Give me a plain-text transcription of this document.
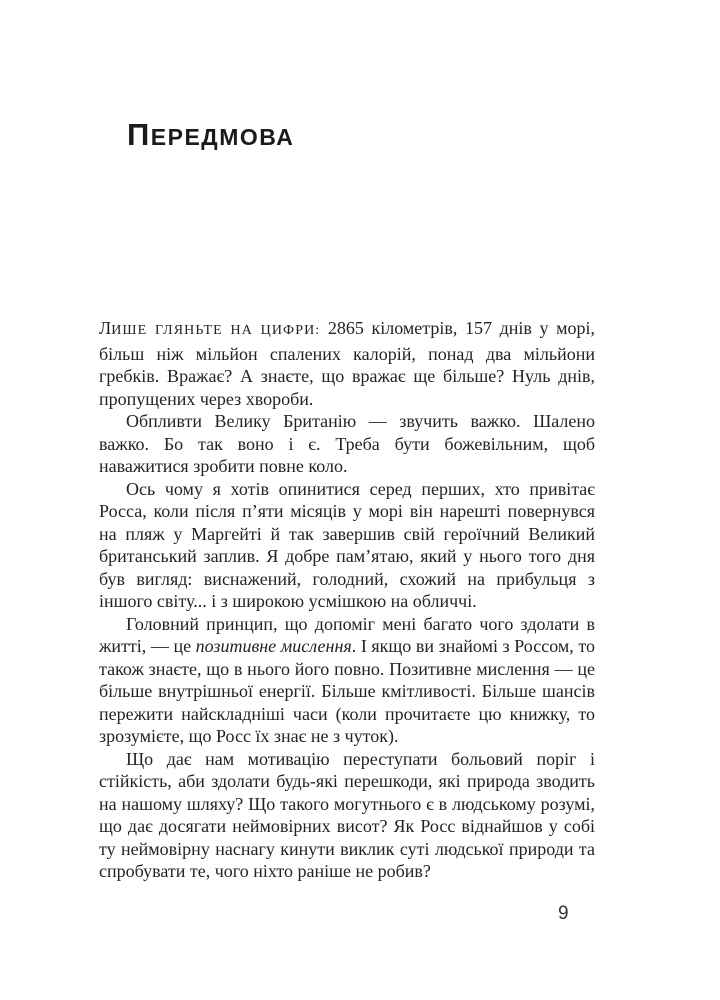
ПЕРЕДМОВА

ЛИШЕ ГЛЯНЬТЕ НА ЦИФРИ: 2865 кілометрів, 157 днів у морі, більш ніж мільйон спалених калорій, понад два мільйони гребків. Вражає? А знаєте, що вражає ще більше? Нуль днів, пропущених через хвороби.

Обпливти Велику Британію — звучить важко. Шалено важко. Бо так воно і є. Треба бути божевільним, щоб наважитися зробити повне коло.

Ось чому я хотів опинитися серед перших, хто привітає Росса, коли після п’яти місяців у морі він нарешті повернувся на пляж у Маргейті й так завершив свій героїчний Великий британський заплив. Я добре пам’ятаю, який у нього того дня був вигляд: виснажений, голодний, схожий на прибульця з іншого світу... і з широкою усмішкою на обличчі.

Головний принцип, що допоміг мені багато чого здолати в житті, — це позитивне мислення. І якщо ви знайомі з Россом, то також знаєте, що в нього його повно. Позитивне мислення — це більше внутрішньої енергії. Більше кмітливості. Більше шансів пережити найскладніші часи (коли прочитаєте цю книжку, то зрозумієте, що Росс їх знає не з чуток).

Що дає нам мотивацію переступати больовий поріг і стійкість, аби здолати будь-які перешкоди, які природа зводить на нашому шляху? Що такого могутнього є в людському розумі, що дає досягати неймовірних висот? Як Росс віднайшов у собі ту неймовірну наснагу кинути виклик суті людської природи та спробувати те, чого ніхто раніше не робив?

9
